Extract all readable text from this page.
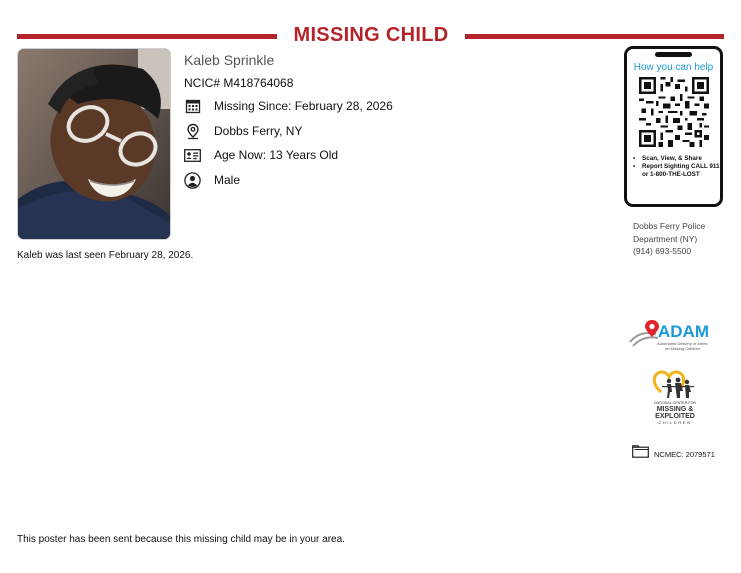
MISSING CHILD
Kaleb was last seen February 28, 2026.
Kaleb Sprinkle
NCIC# M418764068
Missing Since: February 28, 2026
Dobbs Ferry, NY
Age Now: 13 Years Old
Male
How you can help
• Scan, View, & Share
• Report Sighting CALL 911 or 1-800-THE-LOST
Dobbs Ferry Police
Department (NY)
(914) 693-5500
ADAM
Automated Delivery of Alerts
on Missing Children
NATIONAL CENTER FOR
MISSING &
EXPLOITED
CHILDREN
NCMEC: 2079571
This poster has been sent because this missing child may be in your area.
